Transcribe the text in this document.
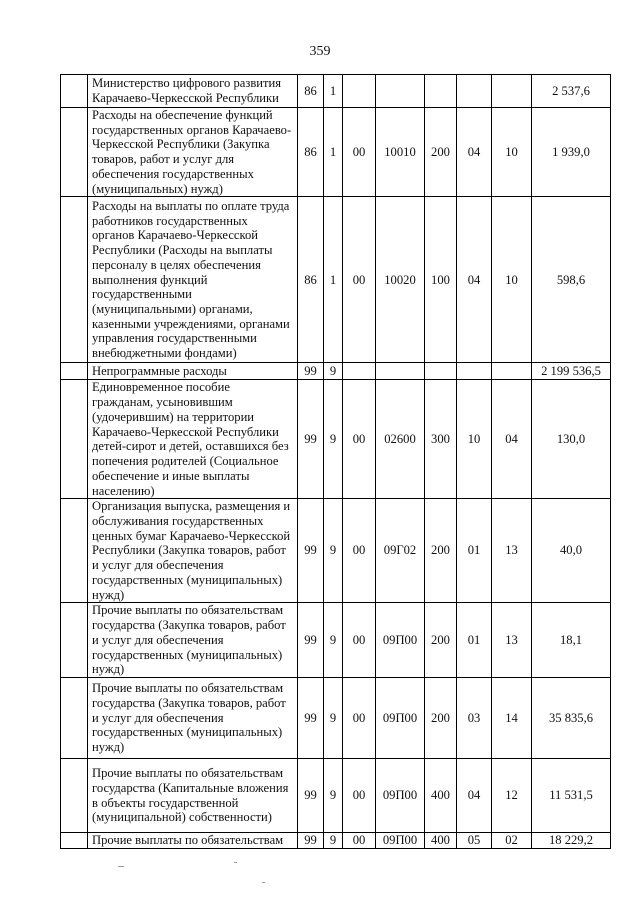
359
	Министерство цифрового развития Карачаево-Черкесской Республики	86	1						2 537,6
	Расходы на обеспечение функций государственных органов Карачаево-Черкесской Республики (Закупка товаров, работ и услуг для обеспечения государственных (муниципальных) нужд)	86	1	00	10010	200	04	10	1 939,0
	Расходы на выплаты по оплате труда работников государственных органов Карачаево-Черкесской Республики (Расходы на выплаты персоналу в целях обеспечения выполнения функций государственными (муниципальными) органами, казенными учреждениями, органами управления государственными внебюджетными фондами)	86	1	00	10020	100	04	10	598,6
	Непрограммные расходы	99	9						2 199 536,5
	Единовременное пособие гражданам, усыновившим (удочерившим) на территории Карачаево-Черкесской Республики детей-сирот и детей, оставшихся без попечения родителей (Социальное обеспечение и иные выплаты населению)	99	9	00	02600	300	10	04	130,0
	Организация выпуска, размещения и обслуживания государственных ценных бумаг Карачаево-Черкесской Республики (Закупка товаров, работ и услуг для обеспечения государственных (муниципальных) нужд)	99	9	00	09Г02	200	01	13	40,0
	Прочие выплаты по обязательствам государства (Закупка товаров, работ и услуг для обеспечения государственных (муниципальных) нужд)	99	9	00	09П00	200	01	13	18,1
	Прочие выплаты по обязательствам государства (Закупка товаров, работ и услуг для обеспечения государственных (муниципальных) нужд)	99	9	00	09П00	200	03	14	35 835,6
	Прочие выплаты по обязательствам государства (Капитальные вложения в объекты государственной (муниципальной) собственности)	99	9	00	09П00	400	04	12	11 531,5
	Прочие выплаты по обязательствам	99	9	00	09П00	400	05	02	18 229,2
